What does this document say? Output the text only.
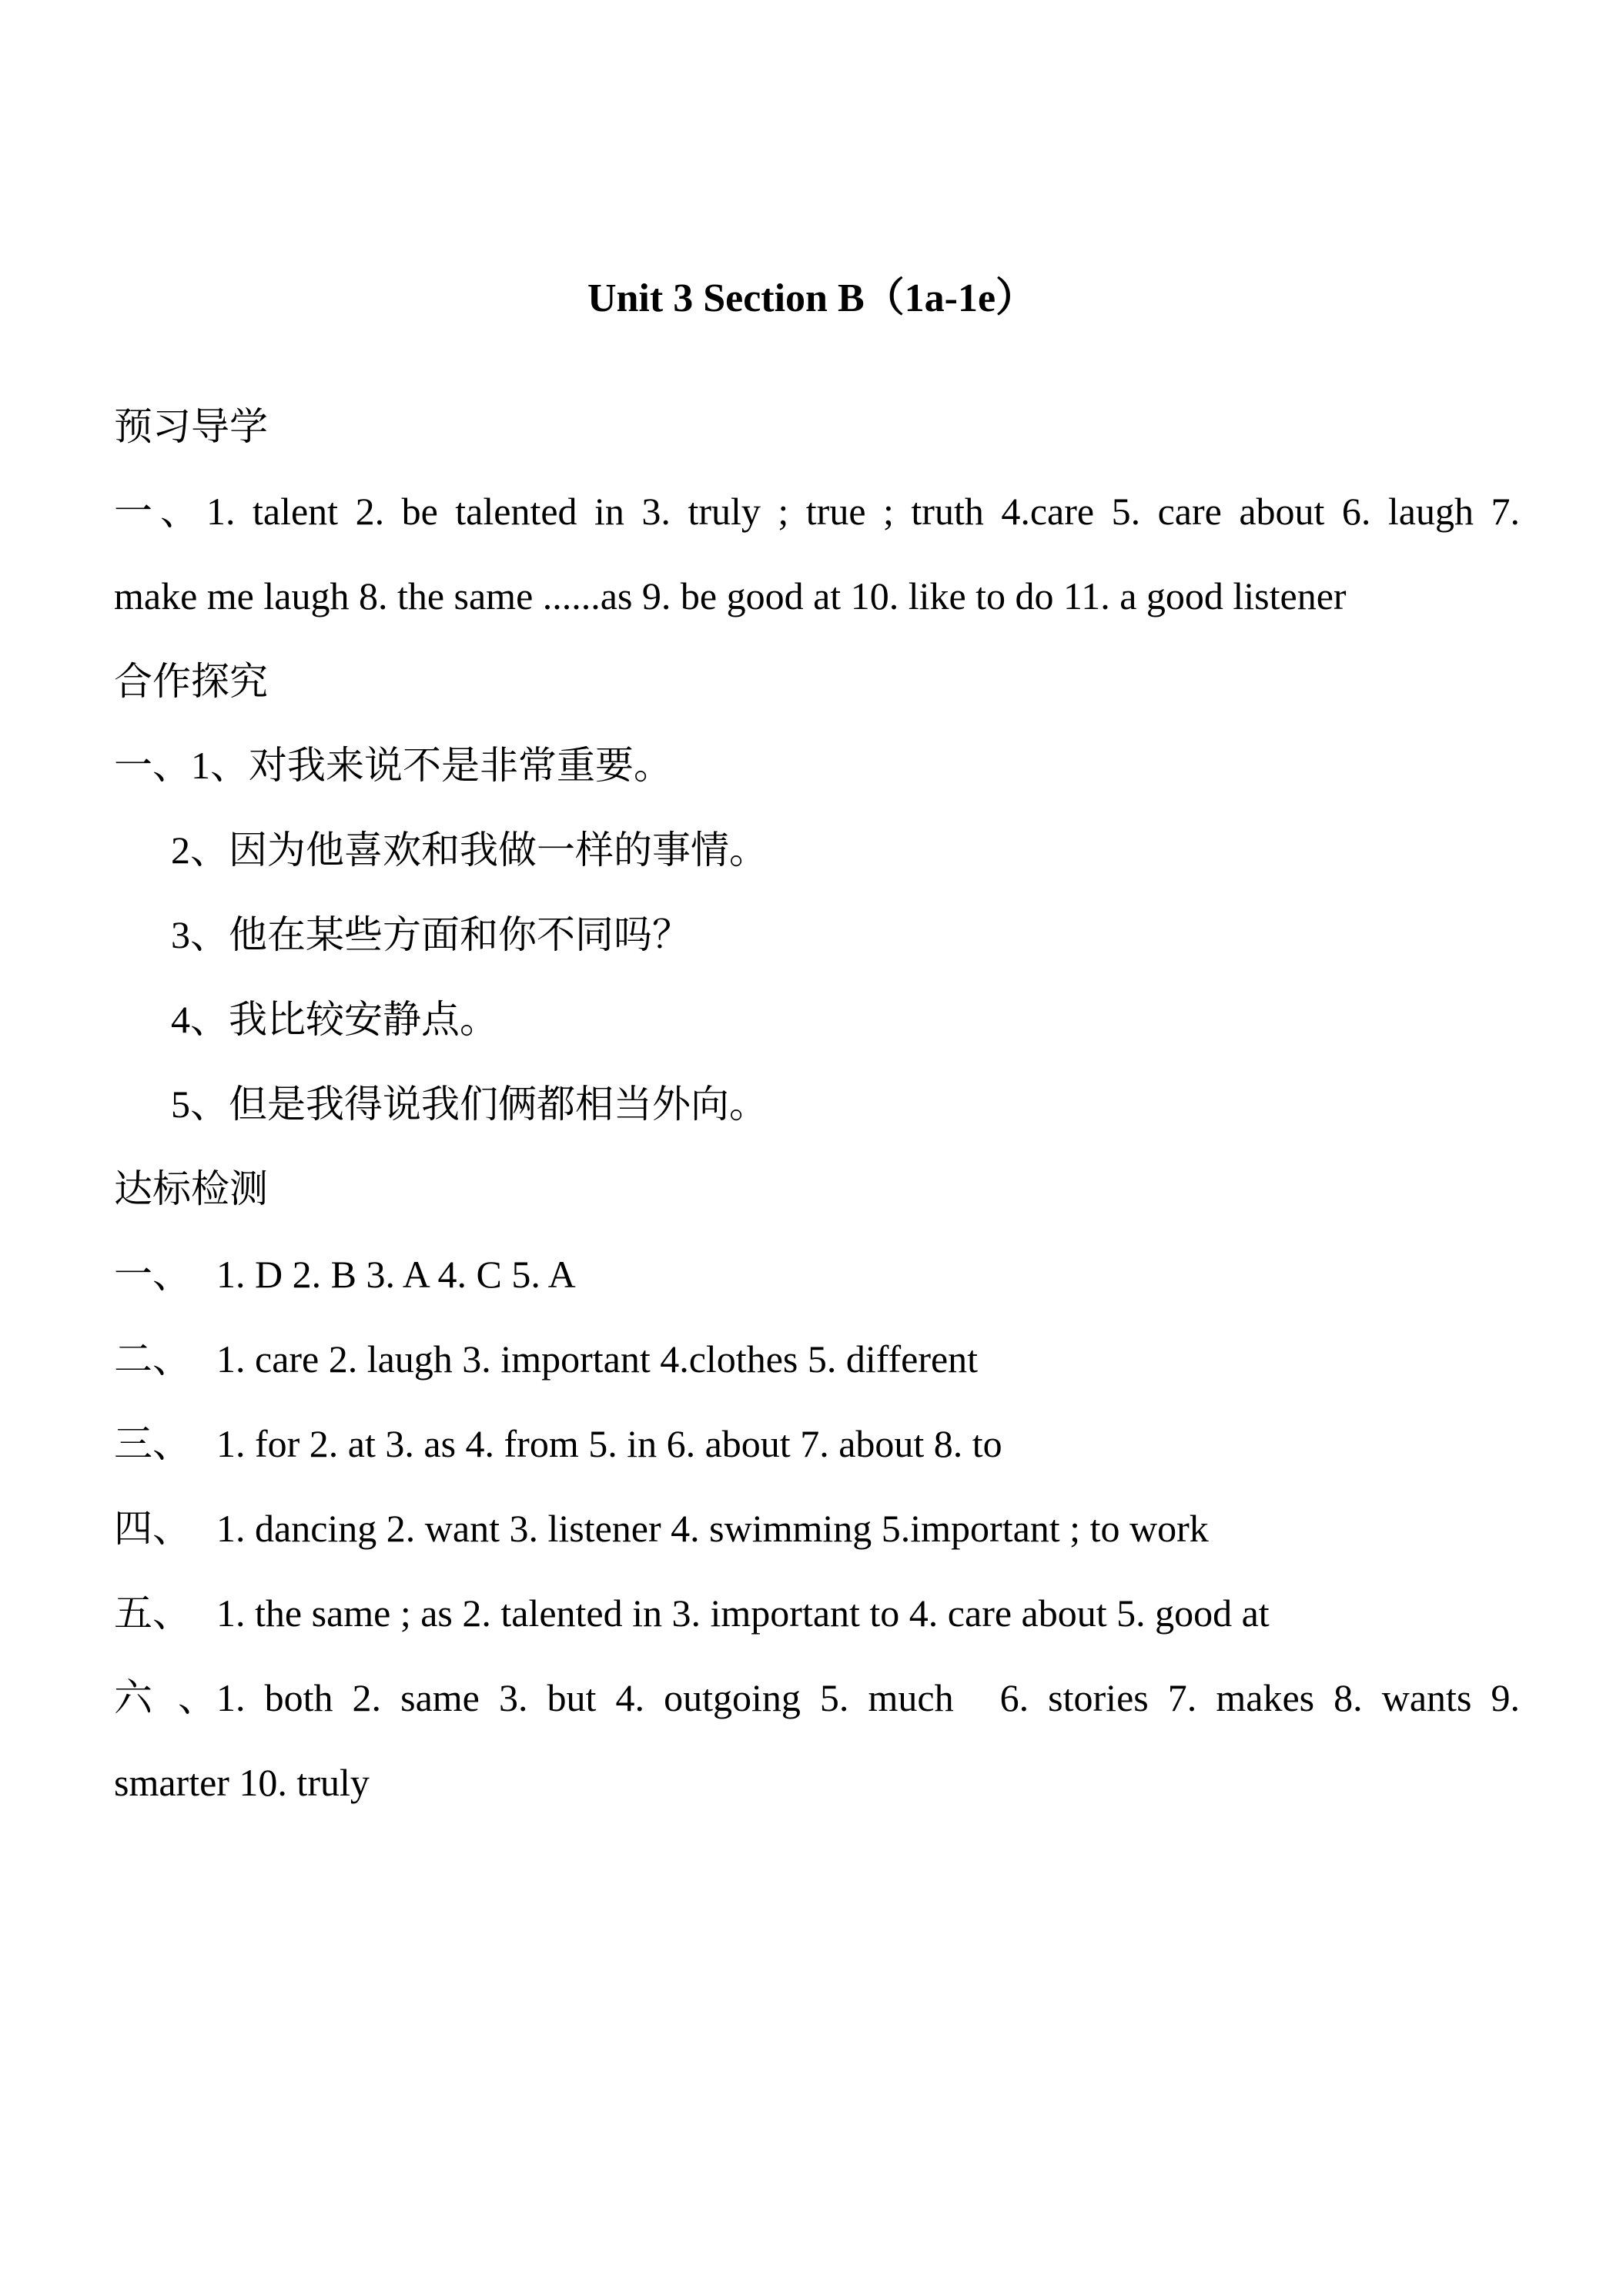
Unit 3 Section B（1a-1e）
预习导学
一、1. talent 2. be talented in 3. truly ; true ; truth 4.care 5. care about 6. laugh 7.
make me laugh 8. the same ......as 9. be good at 10. like to do 11. a good listener
合作探究
一、1、对我来说不是非常重要。
2、因为他喜欢和我做一样的事情。
3、他在某些方面和你不同吗？
4、我比较安静点。
5、但是我得说我们俩都相当外向。
达标检测
一、 1. D 2. B 3. A 4. C 5. A
二、 1. care 2. laugh 3. important 4.clothes 5. different
三、 1. for 2. at 3. as 4. from 5. in 6. about 7. about 8. to
四、 1. dancing 2. want 3. listener 4. swimming 5.important ; to work
五、 1. the same ; as 2. talented in 3. important to 4. care about 5. good at
六、1. both 2. same 3. but 4. outgoing 5. much 6. stories 7. makes 8. wants 9.
smarter 10. truly
